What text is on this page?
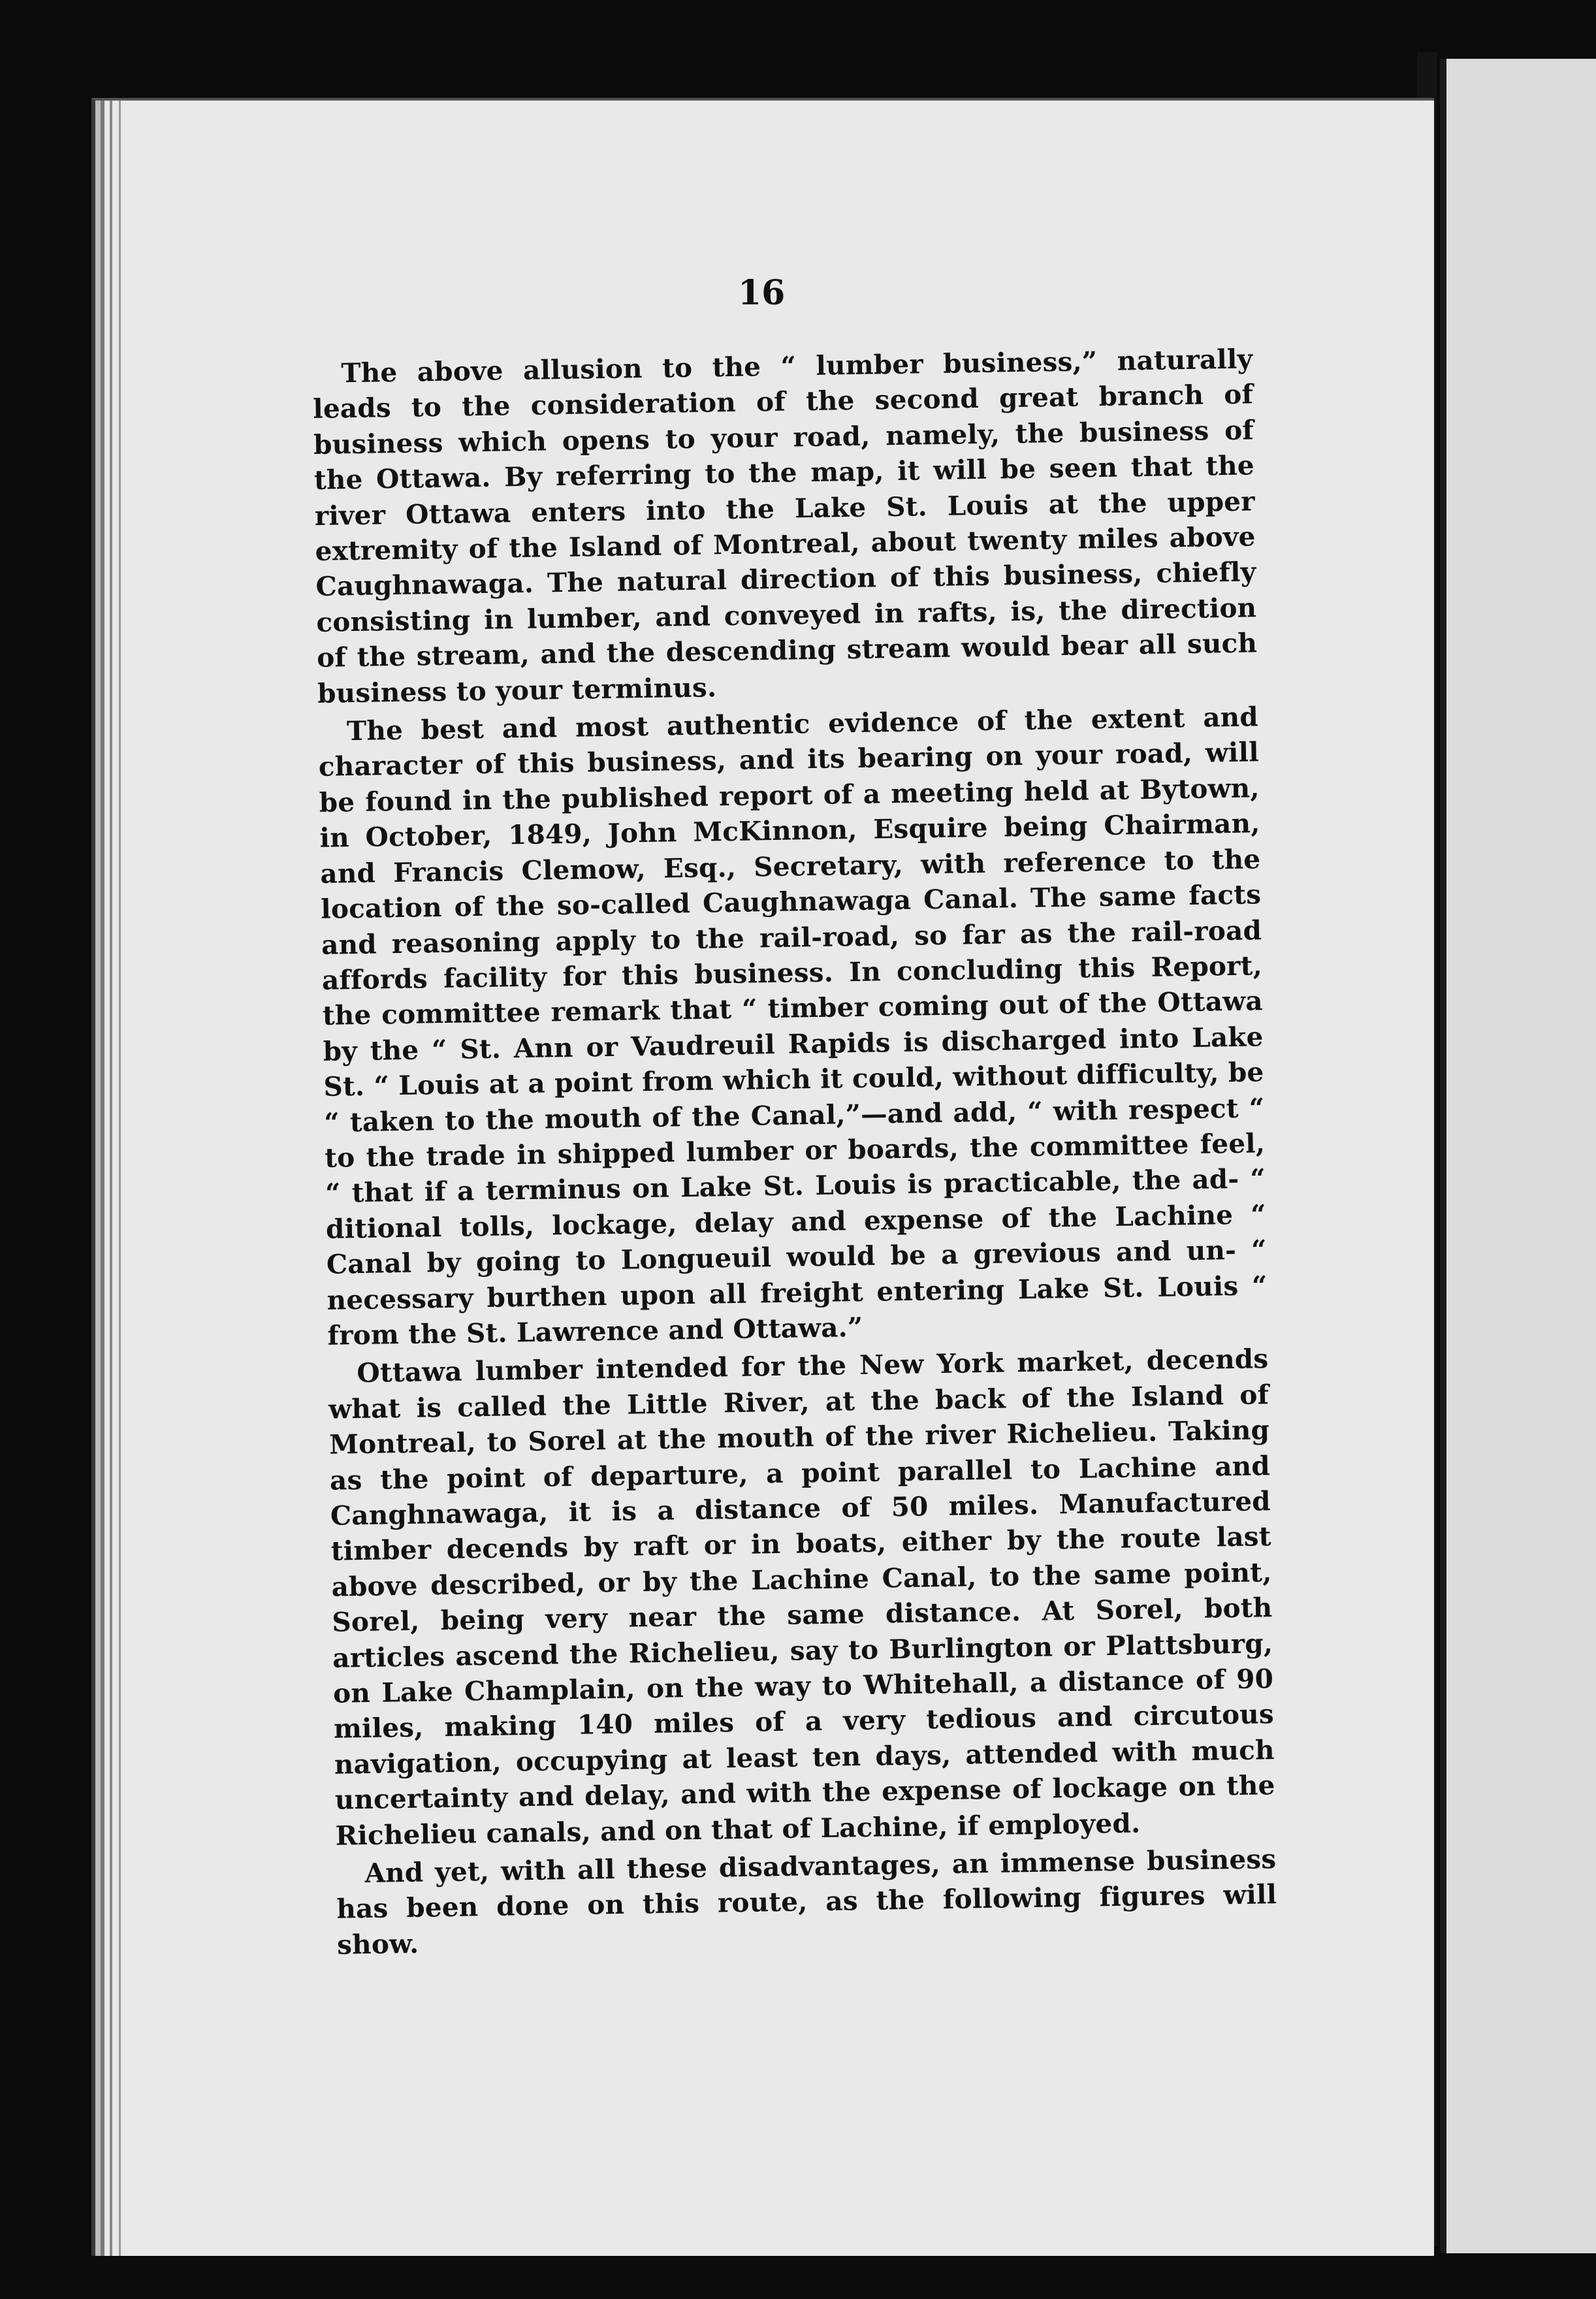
16

The above allusion to the “ lumber business,” naturally leads to the consideration of the second great branch of business which opens to your road, namely, the business of the Ottawa. By referring to the map, it will be seen that the river Ottawa enters into the Lake St. Louis at the upper extremity of the Island of Montreal, about twenty miles above Caughnawaga. The natural direction of this business, chiefly consisting in lumber, and conveyed in rafts, is, the direction of the stream, and the descending stream would bear all such business to your terminus.

The best and most authentic evidence of the extent and character of this business, and its bearing on your road, will be found in the published report of a meeting held at Bytown, in October, 1849, John McKinnon, Esquire being Chairman, and Francis Clemow, Esq., Secretary, with reference to the location of the so-called Caughnawaga Canal. The same facts and reasoning apply to the rail-road, so far as the rail-road affords facility for this business. In concluding this Report, the committee remark that “ timber coming out of the Ottawa by the “ St. Ann or Vaudreuil Rapids is discharged into Lake St. “ Louis at a point from which it could, without difficulty, be “ taken to the mouth of the Canal,”—and add, “ with respect “ to the trade in shipped lumber or boards, the committee feel, “ that if a terminus on Lake St. Louis is practicable, the ad- “ ditional tolls, lockage, delay and expense of the Lachine “ Canal by going to Longueuil would be a grevious and un- “ necessary burthen upon all freight entering Lake St. Louis “ from the St. Lawrence and Ottawa.”

Ottawa lumber intended for the New York market, decends what is called the Little River, at the back of the Island of Montreal, to Sorel at the mouth of the river Richelieu. Taking as the point of departure, a point parallel to Lachine and Canghnawaga, it is a distance of 50 miles. Manufactured timber decends by raft or in boats, either by the route last above described, or by the Lachine Canal, to the same point, Sorel, being very near the same distance. At Sorel, both articles ascend the Richelieu, say to Burlington or Plattsburg, on Lake Champlain, on the way to Whitehall, a distance of 90 miles, making 140 miles of a very tedious and circutous navigation, occupying at least ten days, attended with much uncertainty and delay, and with the expense of lockage on the Richelieu canals, and on that of Lachine, if employed.

And yet, with all these disadvantages, an immense business has been done on this route, as the following figures will show.
